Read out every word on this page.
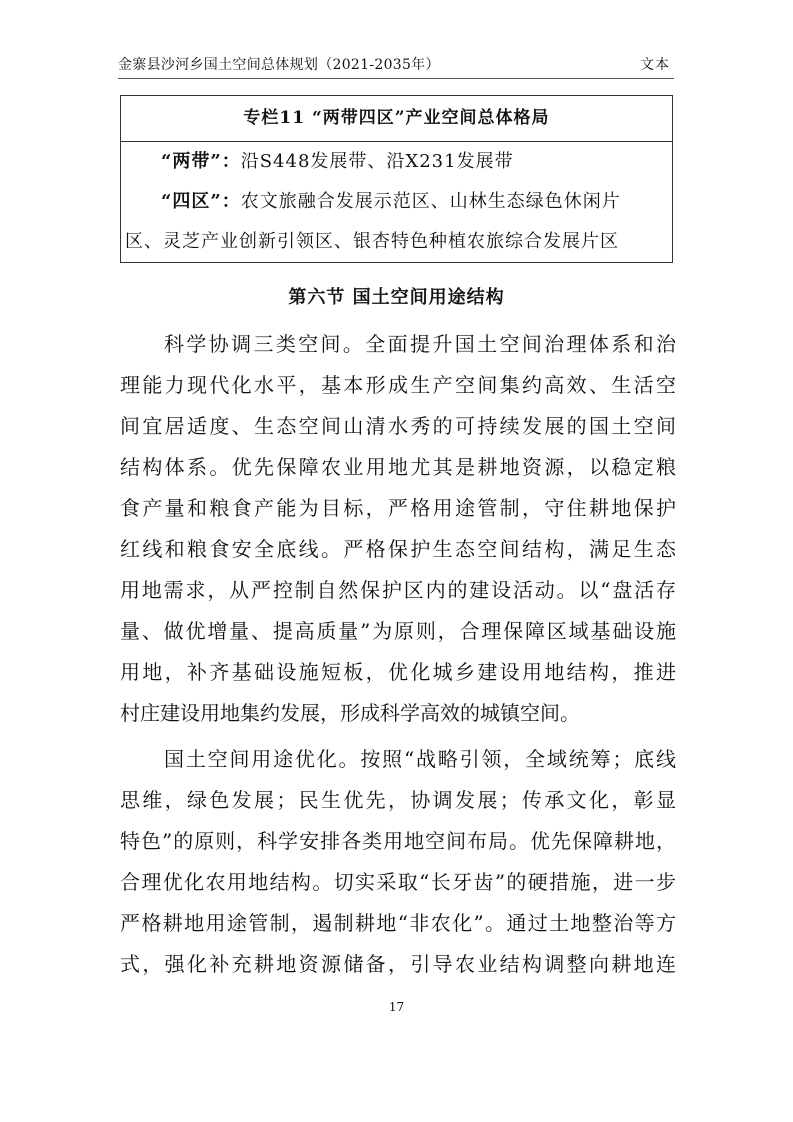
金寨县沙河乡国土空间总体规划（2021-2035年）	文本
专栏11 “两带四区”产业空间总体格局
“两带”：沿S448发展带、沿X231发展带
“四区”：农文旅融合发展示范区、山林生态绿色休闲片
区、灵芝产业创新引领区、银杏特色种植农旅综合发展片区
第六节 国土空间用途结构
科学协调三类空间。全面提升国土空间治理体系和治
理能力现代化水平，基本形成生产空间集约高效、生活空
间宜居适度、生态空间山清水秀的可持续发展的国土空间
结构体系。优先保障农业用地尤其是耕地资源，以稳定粮
食产量和粮食产能为目标，严格用途管制，守住耕地保护
红线和粮食安全底线。严格保护生态空间结构，满足生态
用地需求，从严控制自然保护区内的建设活动。以“盘活存
量、做优增量、提高质量”为原则，合理保障区域基础设施
用地，补齐基础设施短板，优化城乡建设用地结构，推进
村庄建设用地集约发展，形成科学高效的城镇空间。
国土空间用途优化。按照“战略引领，全域统筹；底线
思维，绿色发展；民生优先，协调发展；传承文化，彰显
特色”的原则，科学安排各类用地空间布局。优先保障耕地，
合理优化农用地结构。切实采取“长牙齿”的硬措施，进一步
严格耕地用途管制，遏制耕地“非农化”。通过土地整治等方
式，强化补充耕地资源储备，引导农业结构调整向耕地连
17
